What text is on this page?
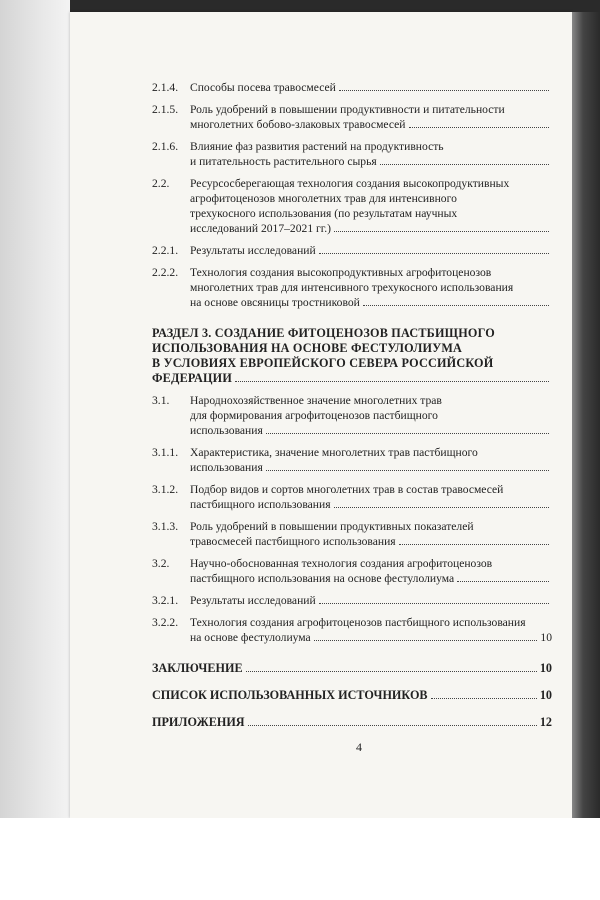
2.1.4. Способы посева травосмесей
2.1.5. Роль удобрений в повышении продуктивности и питательности
многолетних бобово-злаковых травосмесей
2.1.6. Влияние фаз развития растений на продуктивность
и питательность растительного сырья
2.2. Ресурсосберегающая технология создания высокопродуктивных
агрофитоценозов многолетних трав для интенсивного
трехукосного использования (по результатам научных
исследований 2017–2021 гг.)
2.2.1. Результаты исследований
2.2.2. Технология создания высокопродуктивных агрофитоценозов
многолетних трав для интенсивного трехукосного использования
на основе овсяницы тростниковой
РАЗДЕЛ 3. СОЗДАНИЕ ФИТОЦЕНОЗОВ ПАСТБИЩНОГО
ИСПОЛЬЗОВАНИЯ НА ОСНОВЕ ФЕСТУЛОЛИУМА
В УСЛОВИЯХ ЕВРОПЕЙСКОГО СЕВЕРА РОССИЙСКОЙ
ФЕДЕРАЦИИ
3.1. Народнохозяйственное значение многолетних трав
для формирования агрофитоценозов пастбищного
использования
3.1.1. Характеристика, значение многолетних трав пастбищного
использования
3.1.2. Подбор видов и сортов многолетних трав в состав травосмесей
пастбищного использования
3.1.3. Роль удобрений в повышении продуктивных показателей
травосмесей пастбищного использования
3.2. Научно-обоснованная технология создания агрофитоценозов
пастбищного использования на основе фестулолиума
3.2.1. Результаты исследований
3.2.2. Технология создания агрофитоценозов пастбищного использования
на основе фестулолиума	10
ЗАКЛЮЧЕНИЕ	10
СПИСОК ИСПОЛЬЗОВАННЫХ ИСТОЧНИКОВ	10
ПРИЛОЖЕНИЯ	12
4
